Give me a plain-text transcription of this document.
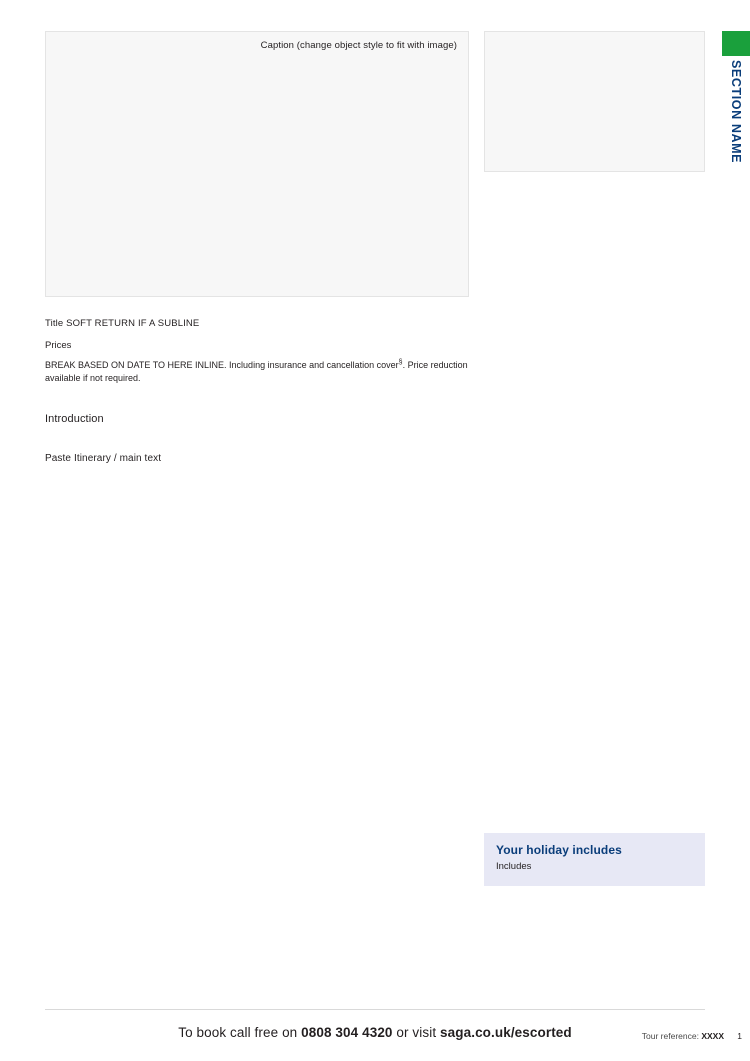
SECTION NAME
Caption (change object style to fit with image)

Your holiday includes

Includes

Title SOFT RETURN IF A SUBLINE

Prices

BREAK BASED ON DATE TO HERE INLINE. Including insurance and cancellation cover§. Price reduction available if not required.

Introduction

Paste Itinerary / main text

To book call free on 0808 304 4320 or visit saga.co.uk/escorted	Tour reference: XXXX 1
